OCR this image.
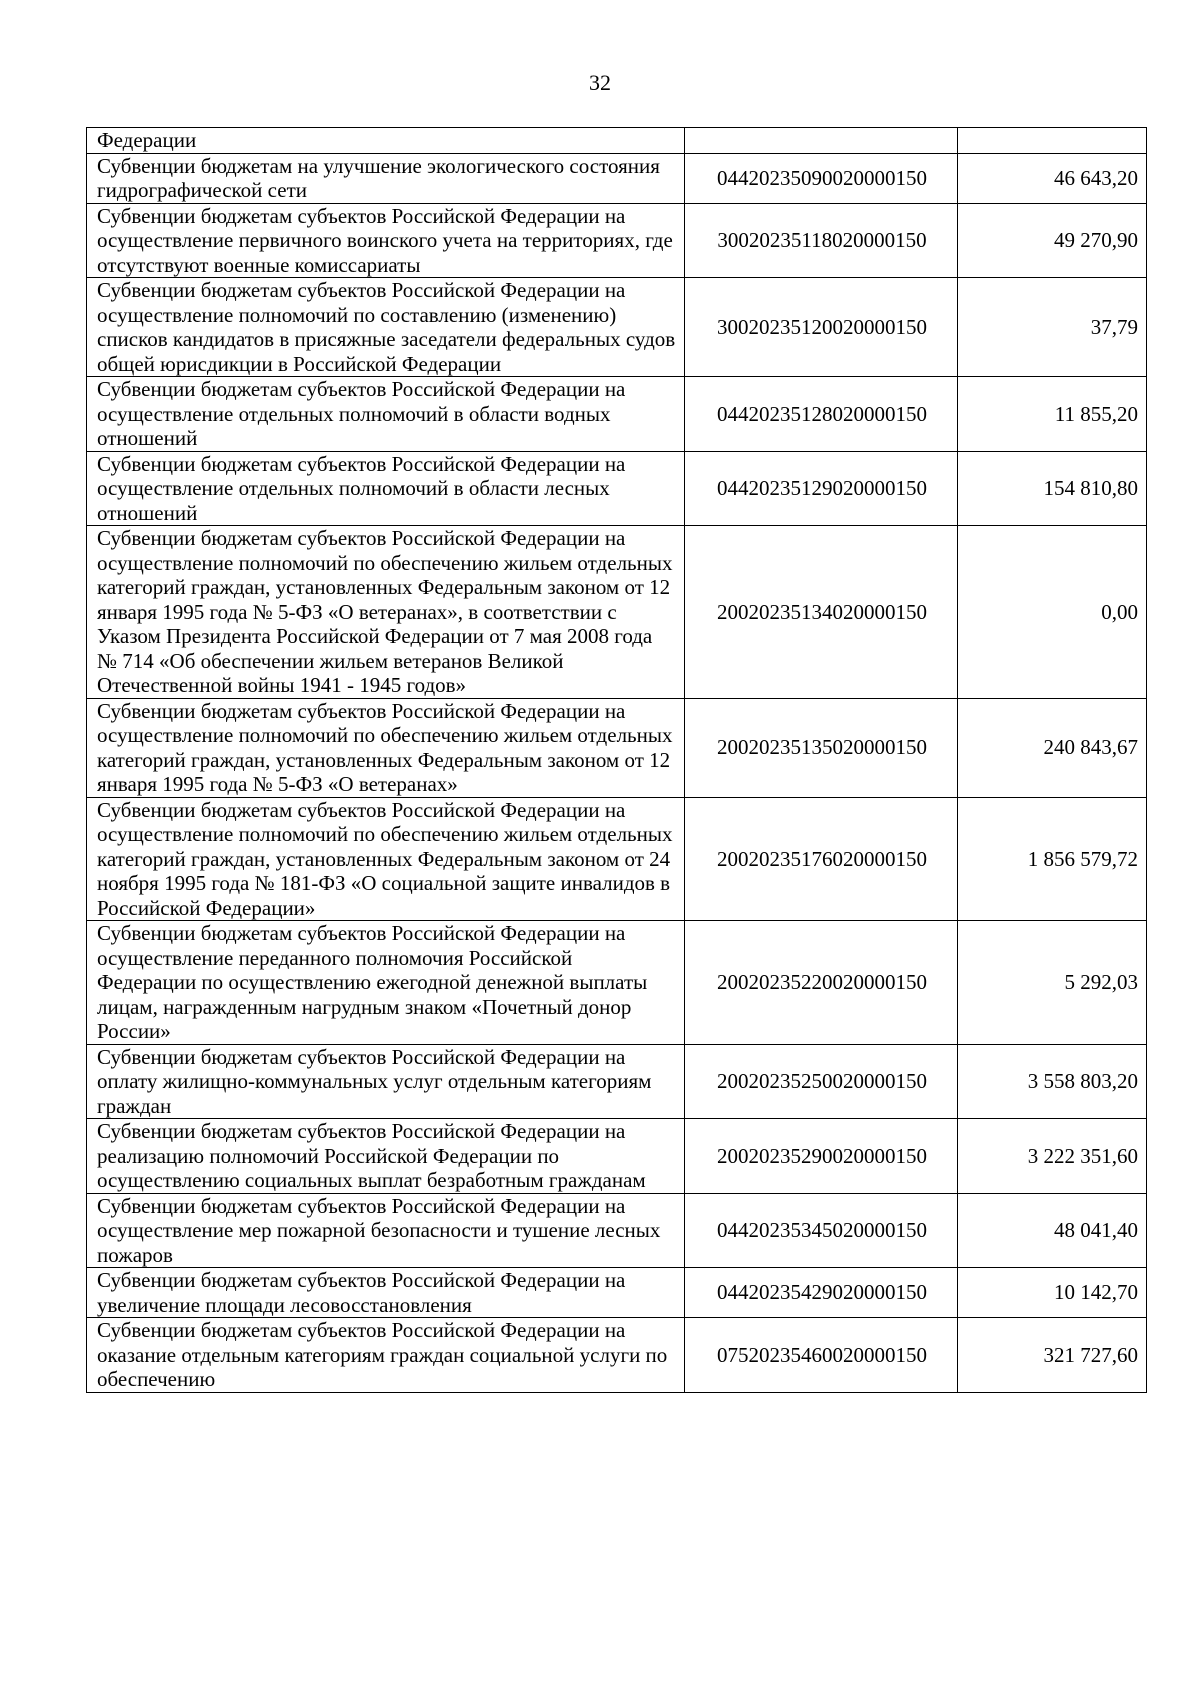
32
Федерации		
Субвенции бюджетам на улучшение экологического состояния гидрографической сети	04420235090020000150	46 643,20
Субвенции бюджетам субъектов Российской Федерации на осуществление первичного воинского учета на территориях, где отсутствуют военные комиссариаты	30020235118020000150	49 270,90
Субвенции бюджетам субъектов Российской Федерации на осуществление полномочий по составлению (изменению) списков кандидатов в присяжные заседатели федеральных судов общей юрисдикции в Российской Федерации	30020235120020000150	37,79
Субвенции бюджетам субъектов Российской Федерации на осуществление отдельных полномочий в области водных отношений	04420235128020000150	11 855,20
Субвенции бюджетам субъектов Российской Федерации на осуществление отдельных полномочий в области лесных отношений	04420235129020000150	154 810,80
Субвенции бюджетам субъектов Российской Федерации на осуществление полномочий по обеспечению жильем отдельных категорий граждан, установленных Федеральным законом от 12 января 1995 года № 5-ФЗ «О ветеранах», в соответствии с Указом Президента Российской Федерации от 7 мая 2008 года № 714 «Об обеспечении жильем ветеранов Великой Отечественной войны 1941 - 1945 годов»	20020235134020000150	0,00
Субвенции бюджетам субъектов Российской Федерации на осуществление полномочий по обеспечению жильем отдельных категорий граждан, установленных Федеральным законом от 12 января 1995 года № 5-ФЗ «О ветеранах»	20020235135020000150	240 843,67
Субвенции бюджетам субъектов Российской Федерации на осуществление полномочий по обеспечению жильем отдельных категорий граждан, установленных Федеральным законом от 24 ноября 1995 года № 181-ФЗ «О социальной защите инвалидов в Российской Федерации»	20020235176020000150	1 856 579,72
Субвенции бюджетам субъектов Российской Федерации на осуществление переданного полномочия Российской Федерации по осуществлению ежегодной денежной выплаты лицам, награжденным нагрудным знаком «Почетный донор России»	20020235220020000150	5 292,03
Субвенции бюджетам субъектов Российской Федерации на оплату жилищно-коммунальных услуг отдельным категориям граждан	20020235250020000150	3 558 803,20
Субвенции бюджетам субъектов Российской Федерации на реализацию полномочий Российской Федерации по осуществлению социальных выплат безработным гражданам	20020235290020000150	3 222 351,60
Субвенции бюджетам субъектов Российской Федерации на осуществление мер пожарной безопасности и тушение лесных пожаров	04420235345020000150	48 041,40
Субвенции бюджетам субъектов Российской Федерации на увеличение площади лесовосстановления	04420235429020000150	10 142,70
Субвенции бюджетам субъектов Российской Федерации на оказание отдельным категориям граждан социальной услуги по обеспечению	07520235460020000150	321 727,60
